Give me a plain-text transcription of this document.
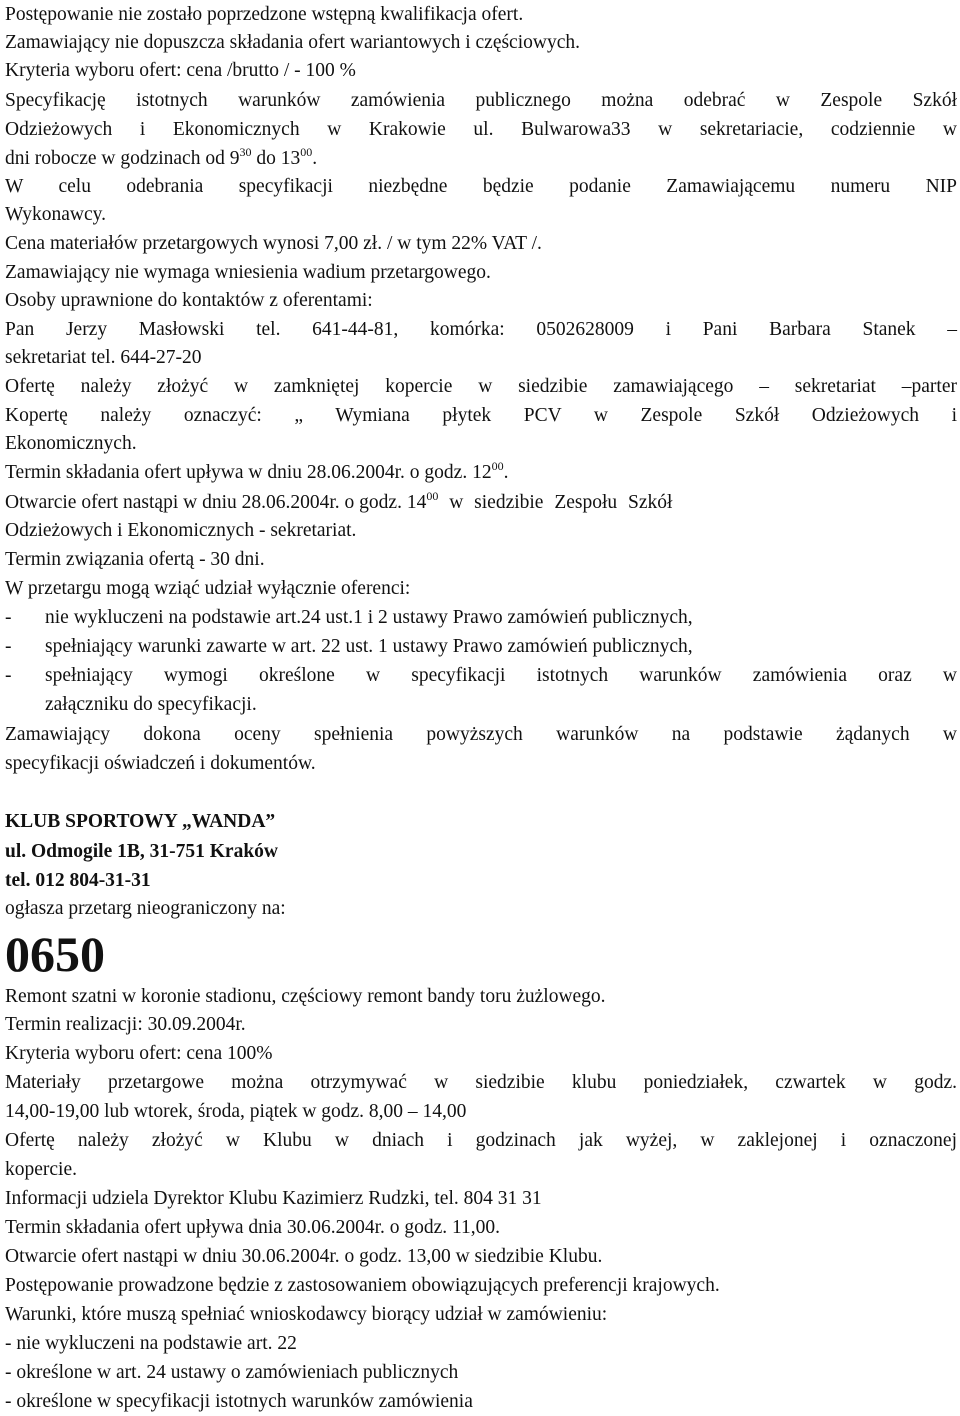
Postępowanie nie zostało poprzedzone wstępną kwalifikacja ofert.
Zamawiający nie dopuszcza składania ofert wariantowych i częściowych.
Kryteria wyboru ofert: cena /brutto / - 100 %
Specyfikację istotnych warunków zamówienia publicznego można odebrać w Zespole Szkół
Odzieżowych i Ekonomicznych w Krakowie ul. Bulwarowa33 w sekretariacie, codziennie w
dni robocze w godzinach od $9^{30}$ do $13^{00}$.
W celu odebrania specyfikacji niezbędne będzie podanie Zamawiającemu numeru NIP
Wykonawcy.
Cena materiałów przetargowych wynosi 7,00 zł. / w tym 22% VAT /.
Zamawiający nie wymaga wniesienia wadium przetargowego.
Osoby uprawnione do kontaktów z oferentami:
Pan Jerzy Masłowski tel. 641-44-81, komórka: 0502628009 i Pani Barbara Stanek –
sekretariat tel. 644-27-20
Ofertę należy złożyć w zamkniętej kopercie w siedzibie zamawiającego – sekretariat –parter
Kopertę należy oznaczyć: „ Wymiana płytek PCV w Zespole Szkół Odzieżowych i
Ekonomicznych.
Termin składania ofert upływa w dniu 28.06.2004r. o godz. $12^{00}$.
Otwarcie ofert nastąpi w dniu 28.06.2004r. o godz. $14^{00}$ w siedzibie Zespołu Szkół
Odzieżowych i Ekonomicznych - sekretariat.
Termin związania ofertą - 30 dni.
W przetargu mogą wziąć udział wyłącznie oferenci:
- nie wykluczeni na podstawie art.24 ust.1 i 2 ustawy Prawo zamówień publicznych,
- spełniający warunki zawarte w art. 22 ust. 1 ustawy Prawo zamówień publicznych,
- spełniający wymogi określone w specyfikacji istotnych warunków zamówienia oraz w
załączniku do specyfikacji.
Zamawiający dokona oceny spełnienia powyższych warunków na podstawie żądanych w
specyfikacji oświadczeń i dokumentów.
KLUB SPORTOWY „WANDA”
ul. Odmogile 1B, 31-751 Kraków
tel. 012 804-31-31
ogłasza przetarg nieograniczony na:
0650
Remont szatni w koronie stadionu, częściowy remont bandy toru żużlowego.
Termin realizacji: 30.09.2004r.
Kryteria wyboru ofert: cena 100%
Materiały przetargowe można otrzymywać w siedzibie klubu poniedziałek, czwartek w godz.
14,00-19,00 lub wtorek, środa, piątek w godz. 8,00 – 14,00
Ofertę należy złożyć w Klubu w dniach i godzinach jak wyżej, w zaklejonej i oznaczonej
kopercie.
Informacji udziela Dyrektor Klubu Kazimierz Rudzki, tel. 804 31 31
Termin składania ofert upływa dnia 30.06.2004r. o godz. 11,00.
Otwarcie ofert nastąpi w dniu 30.06.2004r. o godz. 13,00 w siedzibie Klubu.
Postępowanie prowadzone będzie z zastosowaniem obowiązujących preferencji krajowych.
Warunki, które muszą spełniać wnioskodawcy biorący udział w zamówieniu:
- nie wykluczeni na podstawie art. 22
- określone w art. 24 ustawy o zamówieniach publicznych
- określone w specyfikacji istotnych warunków zamówienia
